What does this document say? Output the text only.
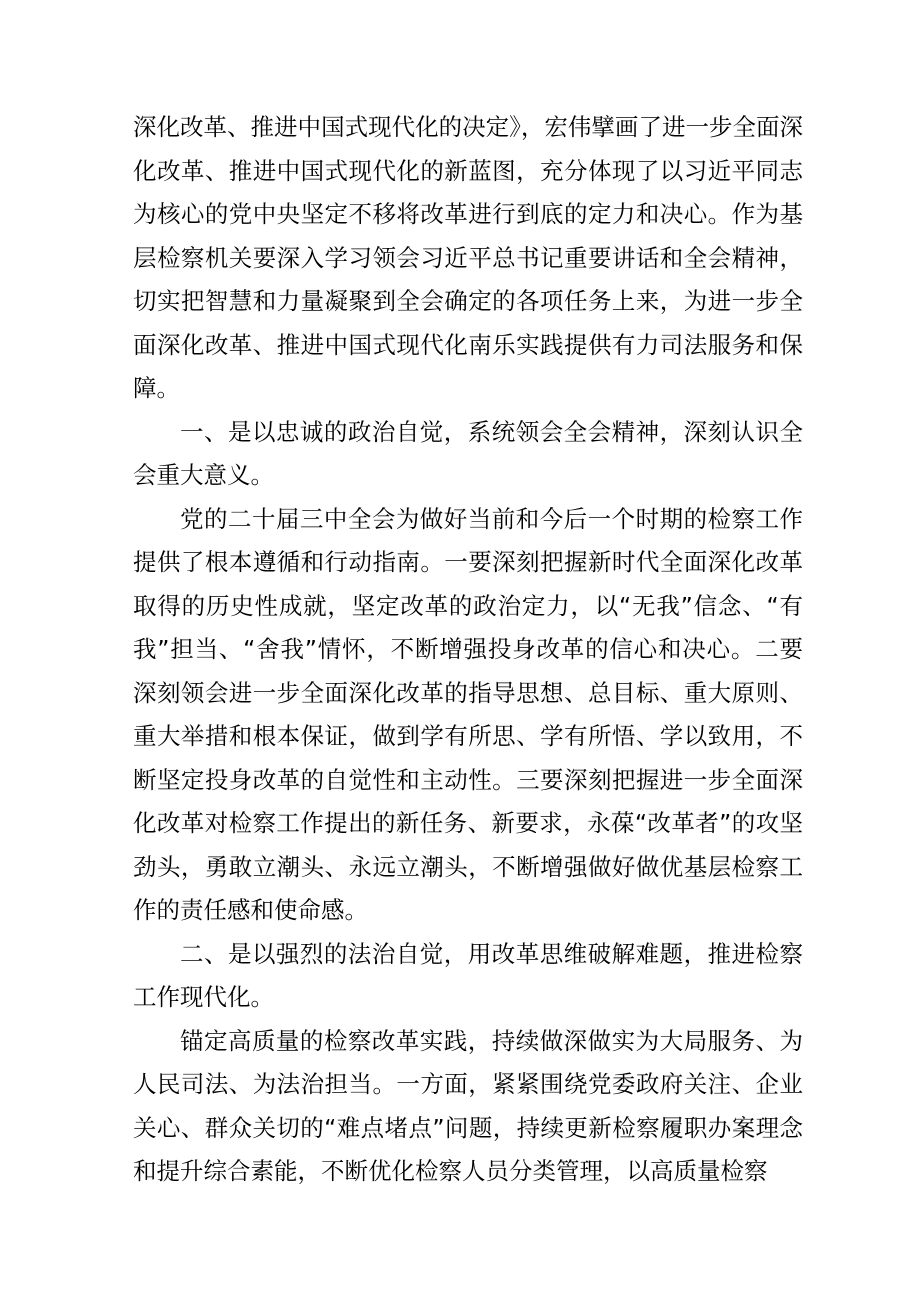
深化改革、推进中国式现代化的决定》，宏伟擘画了进一步全面深化改革、推进中国式现代化的新蓝图，充分体现了以习近平同志为核心的党中央坚定不移将改革进行到底的定力和决心。作为基层检察机关要深入学习领会习近平总书记重要讲话和全会精神，切实把智慧和力量凝聚到全会确定的各项任务上来，为进一步全面深化改革、推进中国式现代化南乐实践提供有力司法服务和保障。

一、是以忠诚的政治自觉，系统领会全会精神，深刻认识全会重大意义。

党的二十届三中全会为做好当前和今后一个时期的检察工作提供了根本遵循和行动指南。一要深刻把握新时代全面深化改革取得的历史性成就，坚定改革的政治定力，以“无我”信念、“有我”担当、“舍我”情怀，不断增强投身改革的信心和决心。二要深刻领会进一步全面深化改革的指导思想、总目标、重大原则、重大举措和根本保证，做到学有所思、学有所悟、学以致用，不断坚定投身改革的自觉性和主动性。三要深刻把握进一步全面深化改革对检察工作提出的新任务、新要求，永葆“改革者”的攻坚劲头，勇敢立潮头、永远立潮头，不断增强做好做优基层检察工作的责任感和使命感。

二、是以强烈的法治自觉，用改革思维破解难题，推进检察工作现代化。

锚定高质量的检察改革实践，持续做深做实为大局服务、为人民司法、为法治担当。一方面，紧紧围绕党委政府关注、企业关心、群众关切的“难点堵点”问题，持续更新检察履职办案理念和提升综合素能，不断优化检察人员分类管理，以高质量检察
